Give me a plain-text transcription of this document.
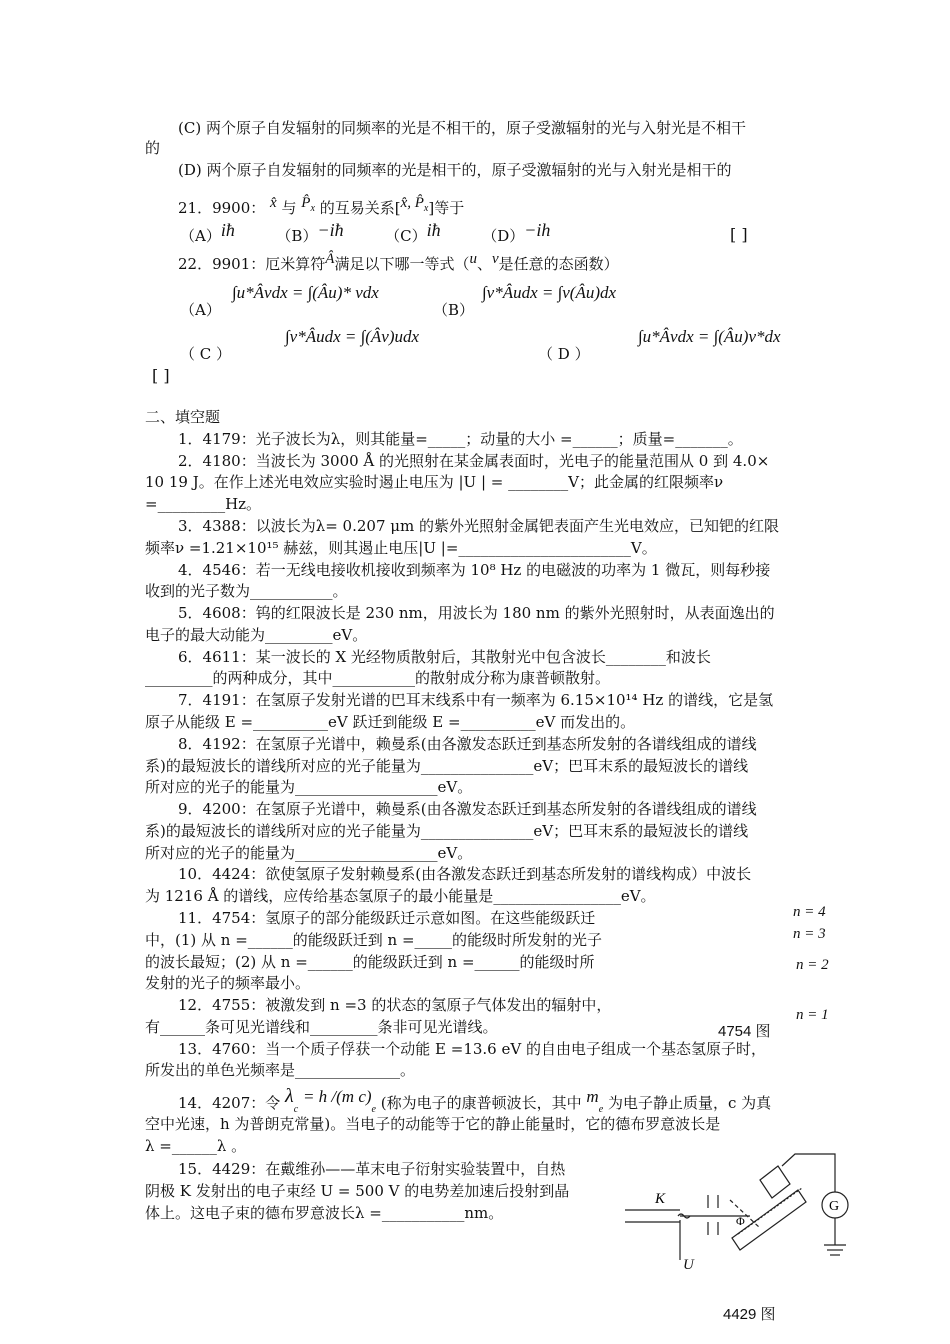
(C) 两个原子自发辐射的同频率的光是不相干的，原子受激辐射的光与入射光是不相干
的
(D) 两个原子自发辐射的同频率的光是相干的，原子受激辐射的光与入射光是相干的
21．9900： x̂ 与 $P̂_x$ 的互易关系[x̂, $P̂_x$]等于
（A）iħ	（B）−iħ	（C）iħ	（D）−ih	[ ]
22．9901：厄米算符Â满足以下哪一等式（u、v是任意的态函数）
（A）
∫u*Âvdx = ∫(Âu)* vdx
（B）
∫v*Âudx = ∫v(Âu)dx
（ C ）
∫v*Âudx = ∫(Âv)udx
（ D ）
∫u*Âvdx = ∫(Âu)v*dx
[ ]
二、填空题
1．4179：光子波长为λ，则其能量=_____；动量的大小 =______；质量=_______。
2．4180：当波长为 3000 Å 的光照射在某金属表面时，光电子的能量范围从 0 到 4.0×
10 19 J。在作上述光电效应实验时遏止电压为 |U | = ________V；此金属的红限频率ν
=_________Hz。
3．4388：以波长为λ= 0.207 μm 的紫外光照射金属钯表面产生光电效应，已知钯的红限
频率ν =1.21×10¹⁵ 赫兹，则其遏止电压|U |=_______________________V。
4．4546：若一无线电接收机接收到频率为 10⁸ Hz 的电磁波的功率为 1 微瓦，则每秒接
收到的光子数为___________。
5．4608：钨的红限波长是 230 nm，用波长为 180 nm 的紫外光照射时，从表面逸出的
电子的最大动能为_________eV。
6．4611：某一波长的 X 光经物质散射后，其散射光中包含波长________和波长
_________的两种成分，其中___________的散射成分称为康普顿散射。
7．4191：在氢原子发射光谱的巴耳末线系中有一频率为 6.15×10¹⁴ Hz 的谱线，它是氢
原子从能级 E =__________eV 跃迁到能级 E =__________eV 而发出的。
8．4192：在氢原子光谱中，赖曼系(由各激发态跃迁到基态所发射的各谱线组成的谱线
系)的最短波长的谱线所对应的光子能量为_______________eV；巴耳末系的最短波长的谱线
所对应的光子的能量为___________________eV。
9．4200：在氢原子光谱中，赖曼系(由各激发态跃迁到基态所发射的各谱线组成的谱线
系)的最短波长的谱线所对应的光子能量为_______________eV；巴耳末系的最短波长的谱线
所对应的光子的能量为___________________eV。
10．4424：欲使氢原子发射赖曼系(由各激发态跃迁到基态所发射的谱线构成）中波长
为 1216 Å 的谱线，应传给基态氢原子的最小能量是_________________eV。
11．4754：氢原子的部分能级跃迁示意如图。在这些能级跃迁
中，(1) 从 n =______的能级跃迁到 n =_____的能级时所发射的光子
的波长最短；(2) 从 n =______的能级跃迁到 n =______的能级时所
发射的光子的频率最小。
12．4755：被激发到 n =3 的状态的氢原子气体发出的辐射中，
有______条可见光谱线和_________条非可见光谱线。
13．4760：当一个质子俘获一个动能 E =13.6 eV 的自由电子组成一个基态氢原子时，
所发出的单色光频率是______________。
14．4207：令 $\lambda_c = h$ /(m $c)_e$ (称为电子的康普顿波长，其中 $m_e$ 为电子静止质量，c 为真
空中光速，h 为普朗克常量)。当电子的动能等于它的静止能量时，它的德布罗意波长是
λ =______λ 。
15．4429：在戴维孙——革末电子衍射实验装置中，自热
阴极 K 发射出的电子束经 U = 500 V 的电势差加速后投射到晶
体上。这电子束的德布罗意波长λ =___________nm。
n = 4
n = 3
n = 2
n = 1
4754 图
K
Φ
G
U
4429 图
